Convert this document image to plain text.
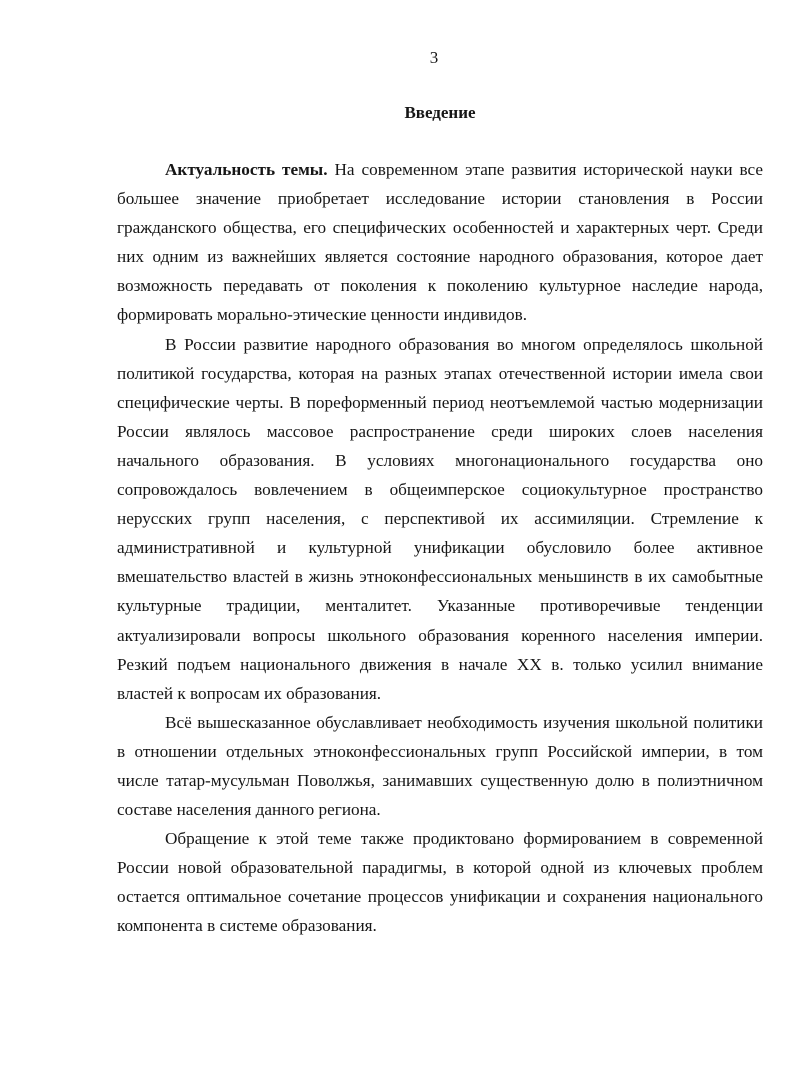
3
Введение

Актуальность темы. На современном этапе развития исторической науки все большее значение приобретает исследование истории становления в России гражданского общества, его специфических особенностей и характерных черт. Среди них одним из важнейших является состояние народного образования, которое дает возможность передавать от поколения к поколению культурное наследие народа, формировать морально-этические ценности индивидов.

В России развитие народного образования во многом определялось школьной политикой государства, которая на разных этапах отечественной истории имела свои специфические черты. В пореформенный период неотъемлемой частью модернизации России являлось массовое распространение среди широких слоев населения начального образования. В условиях многонационального государства оно сопровождалось вовлечением в общеимперское социокультурное пространство нерусских групп населения, с перспективой их ассимиляции. Стремление к административной и культурной унификации обусловило более активное вмешательство властей в жизнь этноконфессиональных меньшинств в их самобытные культурные традиции, менталитет. Указанные противоречивые тенденции актуализировали вопросы школьного образования коренного населения империи. Резкий подъем национального движения в начале XX в. только усилил внимание властей к вопросам их образования.

Всё вышесказанное обуславливает необходимость изучения школьной политики в отношении отдельных этноконфессиональных групп Российской империи, в том числе татар-мусульман Поволжья, занимавших существенную долю в полиэтничном составе населения данного региона.

Обращение к этой теме также продиктовано формированием в современной России новой образовательной парадигмы, в которой одной из ключевых проблем остается оптимальное сочетание процессов унификации и сохранения национального компонента в системе образования.
